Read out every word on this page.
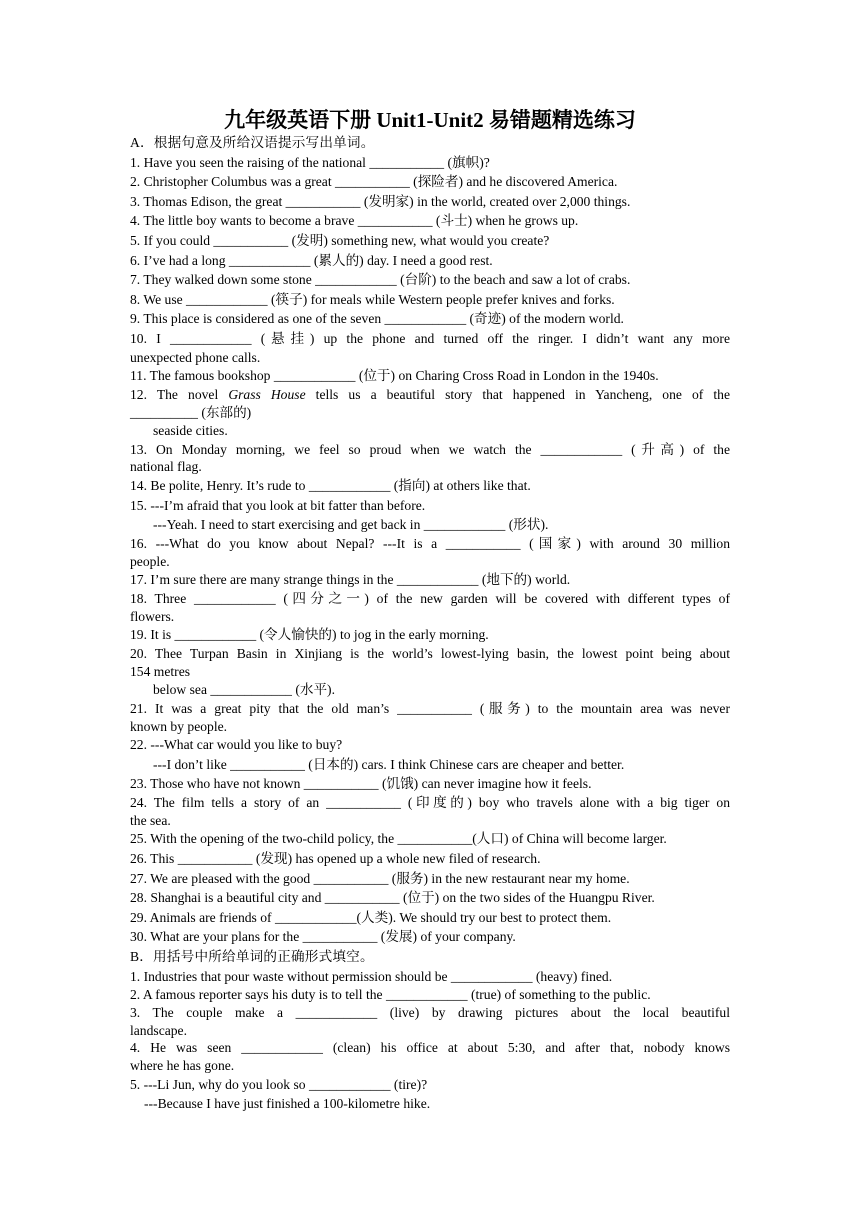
九年级英语下册 Unit1-Unit2 易错题精选练习
A．根据句意及所给汉语提示写出单词。
1. Have you seen the raising of the national ___________ (旗帜)?
2. Christopher Columbus was a great ___________ (探险者) and he discovered America.
3. Thomas Edison, the great ___________ (发明家) in the world, created over 2,000 things.
4. The little boy wants to become a brave ___________ (斗士) when he grows up.
5. If you could ___________ (发明) something new, what would you create?
6. I’ve had a long ____________ (累人的) day. I need a good rest.
7. They walked down some stone ____________ (台阶) to the beach and saw a lot of crabs.
8. We use ____________ (筷子) for meals while Western people prefer knives and forks.
9. This place is considered as one of the seven ____________ (奇迹) of the modern world.
10. I ____________ (悬挂) up the phone and turned off the ringer. I didn’t want any more
unexpected phone calls.
11. The famous bookshop ____________ (位于) on Charing Cross Road in London in the 1940s.
12. The novel Grass House tells us a beautiful story that happened in Yancheng, one of the
__________ (东部的)
seaside cities.
13. On Monday morning, we feel so proud when we watch the ____________ (升高) of the
national flag.
14. Be polite, Henry. It’s rude to ____________ (指向) at others like that.
15. ---I’m afraid that you look at bit fatter than before.
---Yeah. I need to start exercising and get back in ____________ (形状).
16. ---What do you know about Nepal? ---It is a ___________ (国家) with around 30 million
people.
17. I’m sure there are many strange things in the ____________ (地下的) world.
18. Three ____________ (四分之一) of the new garden will be covered with different types of
flowers.
19. It is ____________ (令人愉快的) to jog in the early morning.
20. Thee Turpan Basin in Xinjiang is the world’s lowest-lying basin, the lowest point being about
154 metres
below sea ____________ (水平).
21. It was a great pity that the old man’s ___________ (服务) to the mountain area was never
known by people.
22. ---What car would you like to buy?
---I don’t like ___________ (日本的) cars. I think Chinese cars are cheaper and better.
23. Those who have not known ___________ (饥饿) can never imagine how it feels.
24. The film tells a story of an ___________ (印度的) boy who travels alone with a big tiger on
the sea.
25. With the opening of the two-child policy, the ___________(人口) of China will become larger.
26. This ___________ (发现) has opened up a whole new filed of research.
27. We are pleased with the good ___________ (服务) in the new restaurant near my home.
28. Shanghai is a beautiful city and ___________ (位于) on the two sides of the Huangpu River.
29. Animals are friends of ____________(人类). We should try our best to protect them.
30. What are your plans for the ___________ (发展) of your company.
B．用括号中所给单词的正确形式填空。
1. Industries that pour waste without permission should be ____________ (heavy) fined.
2. A famous reporter says his duty is to tell the ____________ (true) of something to the public.
3. The couple make a ____________ (live) by drawing pictures about the local beautiful
landscape.
4. He was seen ____________ (clean) his office at about 5:30, and after that, nobody knows
where he has gone.
5. ---Li Jun, why do you look so ____________ (tire)?
---Because I have just finished a 100-kilometre hike.
